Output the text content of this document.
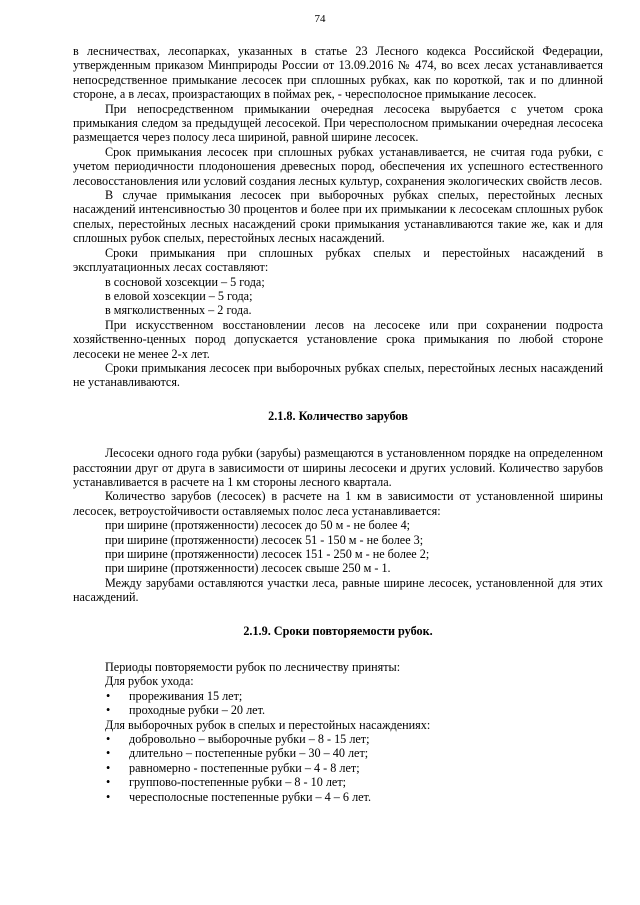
74

в лесничествах, лесопарках, указанных в статье 23 Лесного кодекса Российской Федерации, утвержденным приказом Минприроды России от 13.09.2016 № 474, во всех лесах устанавливается непосредственное примыкание лесосек при сплошных рубках, как по короткой, так и по длинной стороне, а в лесах, произрастающих в поймах рек, - чересполосное примыкание лесосек.

При непосредственном примыкании очередная лесосека вырубается с учетом срока примыкания следом за предыдущей лесосекой. При чересполосном примыкании очередная лесосека размещается через полосу леса шириной, равной ширине лесосек.

Срок примыкания лесосек при сплошных рубках устанавливается, не считая года рубки, с учетом периодичности плодоношения древесных пород, обеспечения их успешного естественного лесовосстановления или условий создания лесных культур, сохранения экологических свойств лесов.

В случае примыкания лесосек при выборочных рубках спелых, перестойных лесных насаждений интенсивностью 30 процентов и более при их примыкании к лесосекам сплошных рубок спелых, перестойных лесных насаждений сроки примыкания устанавливаются такие же, как и для сплошных рубок спелых, перестойных лесных насаждений.

Сроки примыкания при сплошных рубках спелых и перестойных насаждений в эксплуатационных лесах составляют:

в сосновой хозсекции – 5 года;

в еловой хозсекции – 5 года;

в мягколиственных – 2 года.

При искусственном восстановлении лесов на лесосеке или при сохранении подроста хозяйственно-ценных пород допускается установление срока примыкания по любой стороне лесосеки не менее 2-х лет.

Сроки примыкания лесосек при выборочных рубках спелых, перестойных лесных насаждений не устанавливаются.

2.1.8. Количество зарубов

Лесосеки одного года рубки (зарубы) размещаются в установленном порядке на определенном расстоянии друг от друга в зависимости от ширины лесосеки и других условий. Количество зарубов устанавливается в расчете на 1 км стороны лесного квартала.

Количество зарубов (лесосек) в расчете на 1 км в зависимости от установленной ширины лесосек, ветроустойчивости оставляемых полос леса устанавливается:

при ширине (протяженности) лесосек до 50 м - не более 4;

при ширине (протяженности) лесосек 51 - 150 м - не более 3;

при ширине (протяженности) лесосек 151 - 250 м - не более 2;

при ширине (протяженности) лесосек свыше 250 м - 1.

Между зарубами оставляются участки леса, равные ширине лесосек, установленной для этих насаждений.

2.1.9. Сроки повторяемости рубок.

Периоды повторяемости рубок по лесничеству приняты:

Для рубок ухода:

• прореживания 15 лет;
• проходные рубки – 20 лет.

Для выборочных рубок в спелых и перестойных насаждениях:

• добровольно – выборочные рубки – 8 - 15 лет;
• длительно – постепенные рубки – 30 – 40 лет;
• равномерно - постепенные рубки – 4 - 8 лет;
• группово-постепенные рубки – 8 - 10 лет;
• чересполосные постепенные рубки – 4 – 6 лет.
